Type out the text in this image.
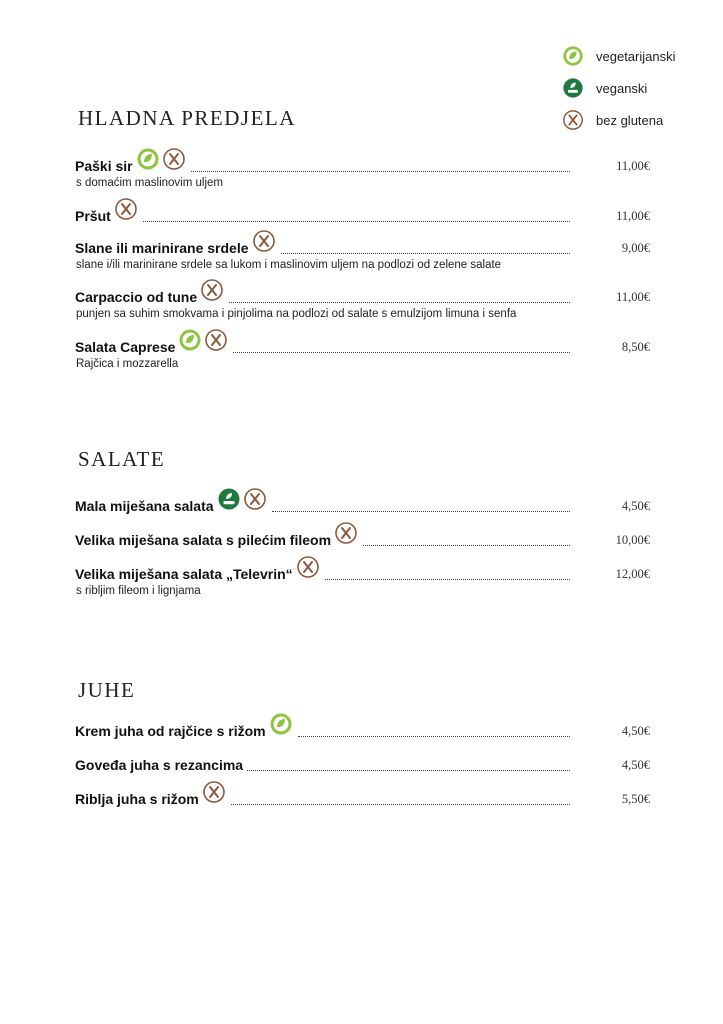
vegetarijanski
veganski
bez glutena
HLADNA PREDJELA
Paški sir	11,00€
s domaćim maslinovim uljem
Pršut	11,00€
Slane ili marinirane srdele	9,00€
slane i/ili marinirane srdele sa lukom i maslinovim uljem na podlozi od zelene salate
Carpaccio od tune	11,00€
punjen sa suhim smokvama i pinjolima na podlozi od salate s emulzijom limuna i senfa
Salata Caprese	8,50€
Rajčica i mozzarella
SALATE
Mala miješana salata	4,50€
Velika miješana salata s pilećim fileom	10,00€
Velika miješana salata „Televrin“	12,00€
s ribljim fileom i lignjama
JUHE
Krem juha od rajčice s rižom	4,50€
Goveđa juha s rezancima	4,50€
Riblja juha s rižom	5,50€
